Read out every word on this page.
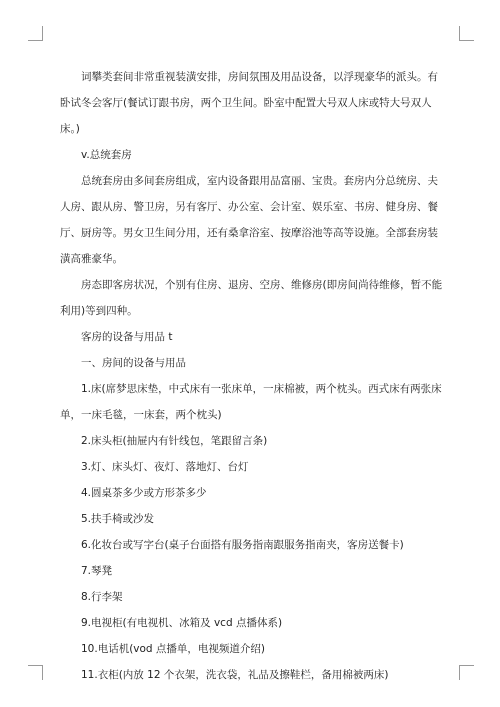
词攀类套间非常重视装潢安排，房间氛围及用品设备，以浮现豪华的派头。有卧试冬会客厅(餐试订跟书房，两个卫生间。卧室中配置大号双人床或特大号双人床。)

v.总统套房

总统套房由多间套房组成，室内设备跟用品富丽、宝贵。套房内分总统房、夫人房、跟从房、警卫房，另有客厅、办公室、会计室、娱乐室、书房、健身房、餐厅、厨房等。男女卫生间分用，还有桑拿浴室、按摩浴池等高等设施。全部套房装潢高雅豪华。

房态即客房状况，个别有住房、退房、空房、维修房(即房间尚待维修，暂不能利用)等到四种。

客房的设备与用品 t

一、房间的设备与用品

1.床(席梦思床垫，中式床有一张床单，一床棉被，两个枕头。西式床有两张床单，一床毛毯，一床套，两个枕头)

2.床头柜(抽屉内有针线包，笔跟留言条)

3.灯、床头灯、夜灯、落地灯、台灯

4.圆桌茶多少或方形茶多少

5.扶手椅或沙发

6.化妆台或写字台(桌子台面搭有服务指南跟服务指南夹，客房送餐卡)

7.琴凳

8.行李架

9.电视柜(有电视机、冰箱及 vcd 点播体系)

10.电话机(vod 点播单，电视频道介绍)

11.衣柜(内放 12 个衣架，洗衣袋，礼品及擦鞋栏，备用棉被两床)
